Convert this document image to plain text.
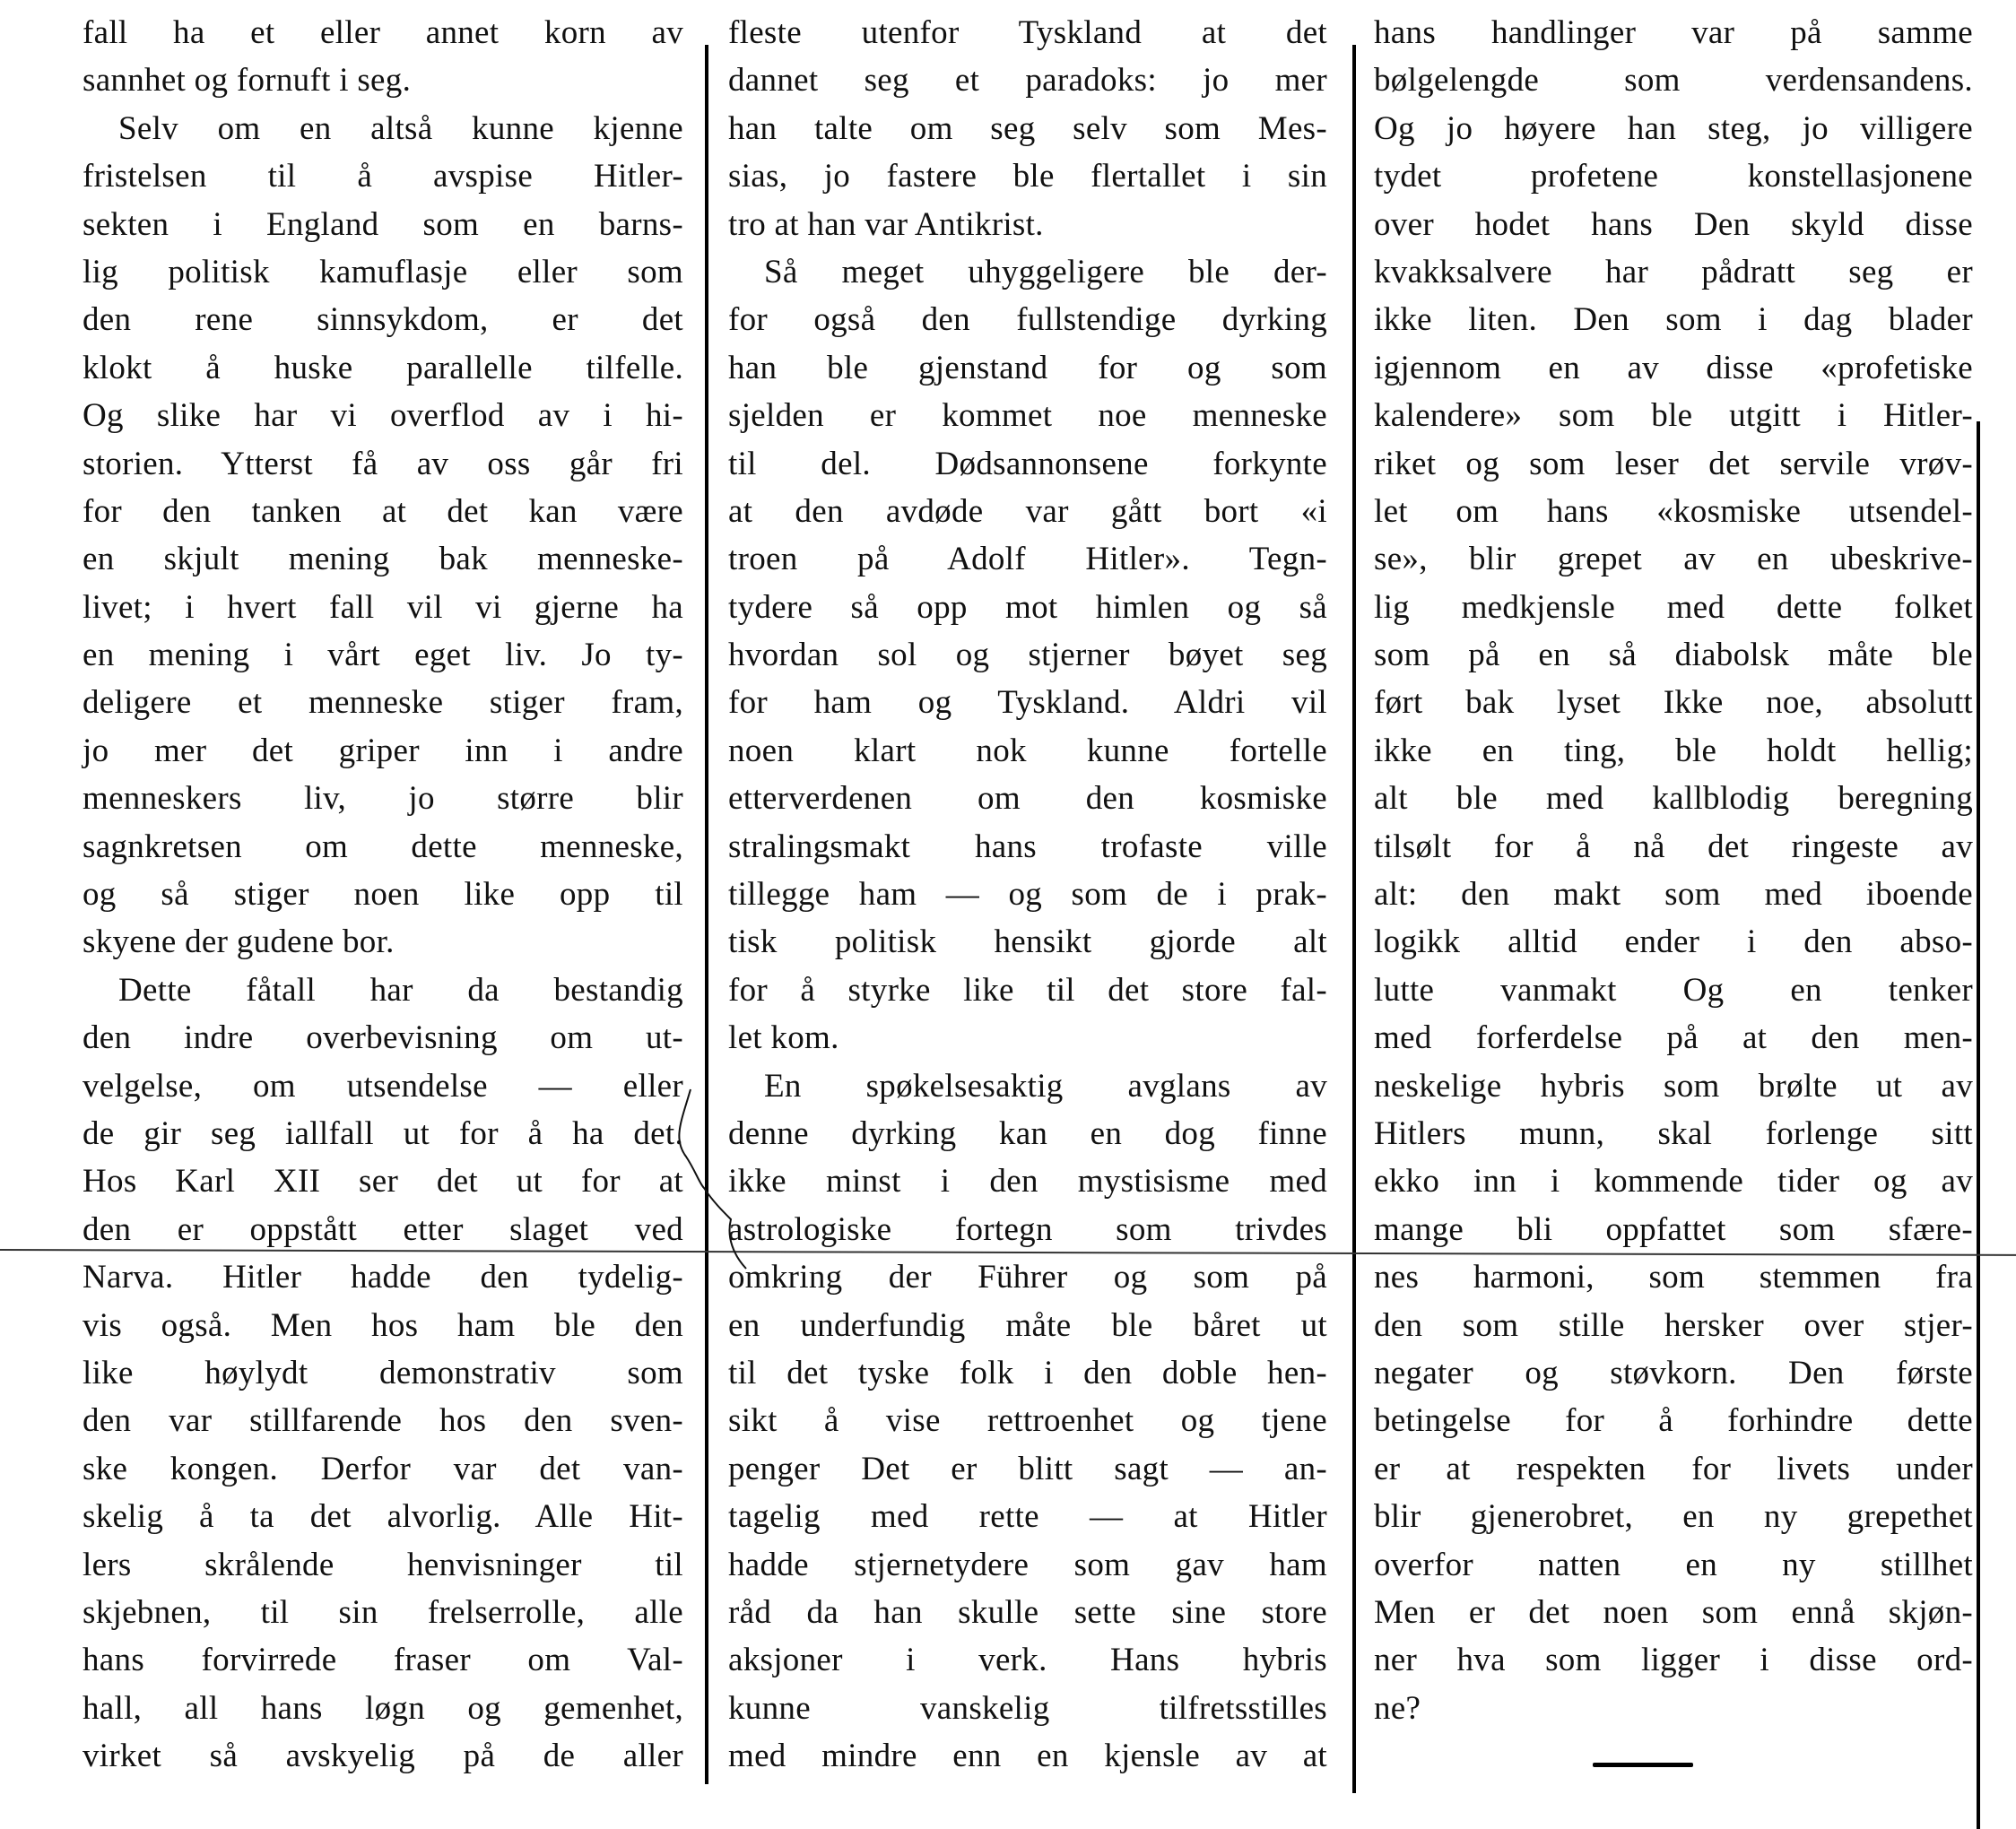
fall ha et eller annet korn av
sannhet og fornuft i seg.
Selv om en altså kunne kjenne
fristelsen til å avspise Hitler-
sekten i England som en barns-
lig politisk kamuflasje eller som
den rene sinnsykdom, er det
klokt å huske parallelle tilfelle.
Og slike har vi overflod av i hi-
storien. Ytterst få av oss går fri
for den tanken at det kan være
en skjult mening bak menneske-
livet; i hvert fall vil vi gjerne ha
en mening i vårt eget liv. Jo ty-
deligere et menneske stiger fram,
jo mer det griper inn i andre
menneskers liv, jo større blir
sagnkretsen om dette menneske,
og så stiger noen like opp til
skyene der gudene bor.
Dette fåtall har da bestandig
den indre overbevisning om ut-
velgelse, om utsendelse — eller
de gir seg iallfall ut for å ha det.
Hos Karl XII ser det ut for at
den er oppstått etter slaget ved
Narva. Hitler hadde den tydelig-
vis også. Men hos ham ble den
like høylydt demonstrativ som
den var stillfarende hos den sven-
ske kongen. Derfor var det van-
skelig å ta det alvorlig. Alle Hit-
lers skrålende henvisninger til
skjebnen, til sin frelserrolle, alle
hans forvirrede fraser om Val-
hall, all hans løgn og gemenhet,
virket så avskyelig på de aller
fleste utenfor Tyskland at det
dannet seg et paradoks: jo mer
han talte om seg selv som Mes-
sias, jo fastere ble flertallet i sin
tro at han var Antikrist.
Så meget uhyggeligere ble der-
for også den fullstendige dyrking
han ble gjenstand for og som
sjelden er kommet noe menneske
til del. Dødsannonsene forkynte
at den avdøde var gått bort «i
troen på Adolf Hitler». Tegn-
tydere så opp mot himlen og så
hvordan sol og stjerner bøyet seg
for ham og Tyskland. Aldri vil
noen klart nok kunne fortelle
etterverdenen om den kosmiske
stralingsmakt hans trofaste ville
tillegge ham — og som de i prak-
tisk politisk hensikt gjorde alt
for å styrke like til det store fal-
let kom.
En spøkelsesaktig avglans av
denne dyrking kan en dog finne
ikke minst i den mystisisme med
astrologiske fortegn som trivdes
omkring der Führer og som på
en underfundig måte ble båret ut
til det tyske folk i den doble hen-
sikt å vise rettroenhet og tjene
penger Det er blitt sagt — an-
tagelig med rette — at Hitler
hadde stjernetydere som gav ham
råd da han skulle sette sine store
aksjoner i verk. Hans hybris
kunne vanskelig tilfretsstilles
med mindre enn en kjensle av at
hans handlinger var på samme
bølgelengde som verdensandens.
Og jo høyere han steg, jo villigere
tydet profetene konstellasjonene
over hodet hans Den skyld disse
kvakksalvere har pådratt seg er
ikke liten. Den som i dag blader
igjennom en av disse «profetiske
kalendere» som ble utgitt i Hitler-
riket og som leser det servile vrøv-
let om hans «kosmiske utsendel-
se», blir grepet av en ubeskrive-
lig medkjensle med dette folket
som på en så diabolsk måte ble
ført bak lyset Ikke noe, absolutt
ikke en ting, ble holdt hellig;
alt ble med kallblodig beregning
tilsølt for å nå det ringeste av
alt: den makt som med iboende
logikk alltid ender i den abso-
lutte vanmakt Og en tenker
med forferdelse på at den men-
neskelige hybris som brølte ut av
Hitlers munn, skal forlenge sitt
ekko inn i kommende tider og av
mange bli oppfattet som sfære-
nes harmoni, som stemmen fra
den som stille hersker over stjer-
negater og støvkorn. Den første
betingelse for å forhindre dette
er at respekten for livets under
blir gjenerobret, en ny grepethet
overfor natten en ny stillhet
Men er det noen som ennå skjøn-
ner hva som ligger i disse ord-
ne?
